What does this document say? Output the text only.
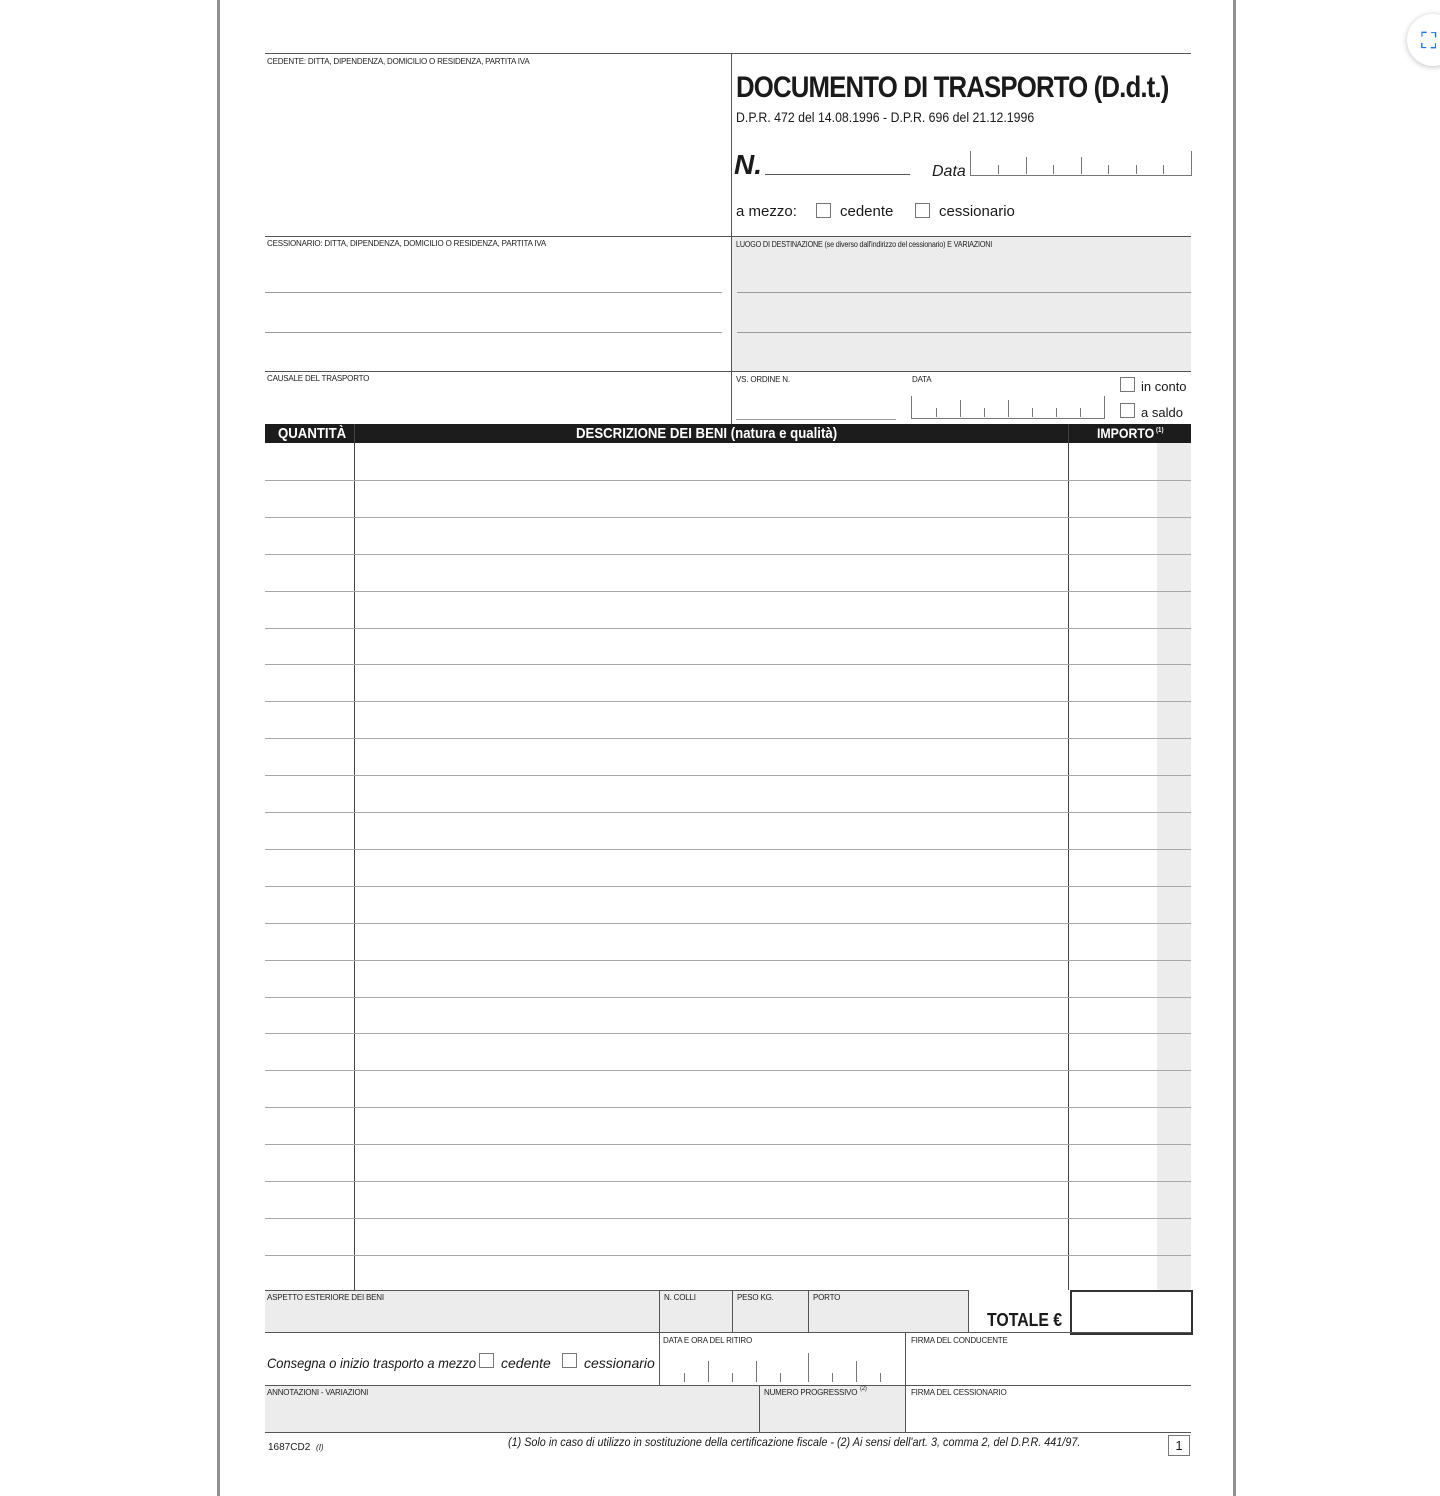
⛶
CEDENTE: DITTA, DIPENDENZA, DOMICILIO O RESIDENZA, PARTITA IVA
DOCUMENTO DI TRASPORTO (D.d.t.)
D.P.R. 472 del 14.08.1996 - D.P.R. 696 del 21.12.1996
N.	Data
a mezzo:	cedente	cessionario
CESSIONARIO: DITTA, DIPENDENZA, DOMICILIO O RESIDENZA, PARTITA IVA	LUOGO DI DESTINAZIONE (se diverso dall'indirizzo del cessionario) E VARIAZIONI
CAUSALE DEL TRASPORTO	VS. ORDINE N.	DATA	in conto
a saldo
QUANTITÀ	DESCRIZIONE DEI BENI (natura e qualità)	IMPORTO (1)
ASPETTO ESTERIORE DEI BENI	N. COLLI	PESO KG.	PORTO
TOTALE €
Consegna o inizio trasporto a mezzo cedente cessionario
DATA E ORA DEL RITIRO	FIRMA DEL CONDUCENTE
ANNOTAZIONI - VARIAZIONI	NUMERO PROGRESSIVO (2)	FIRMA DEL CESSIONARIO
1687CD2 (I)	(1) Solo in caso di utilizzo in sostituzione della certificazione fiscale - (2) Ai sensi dell'art. 3, comma 2, del D.P.R. 441/97.	1
